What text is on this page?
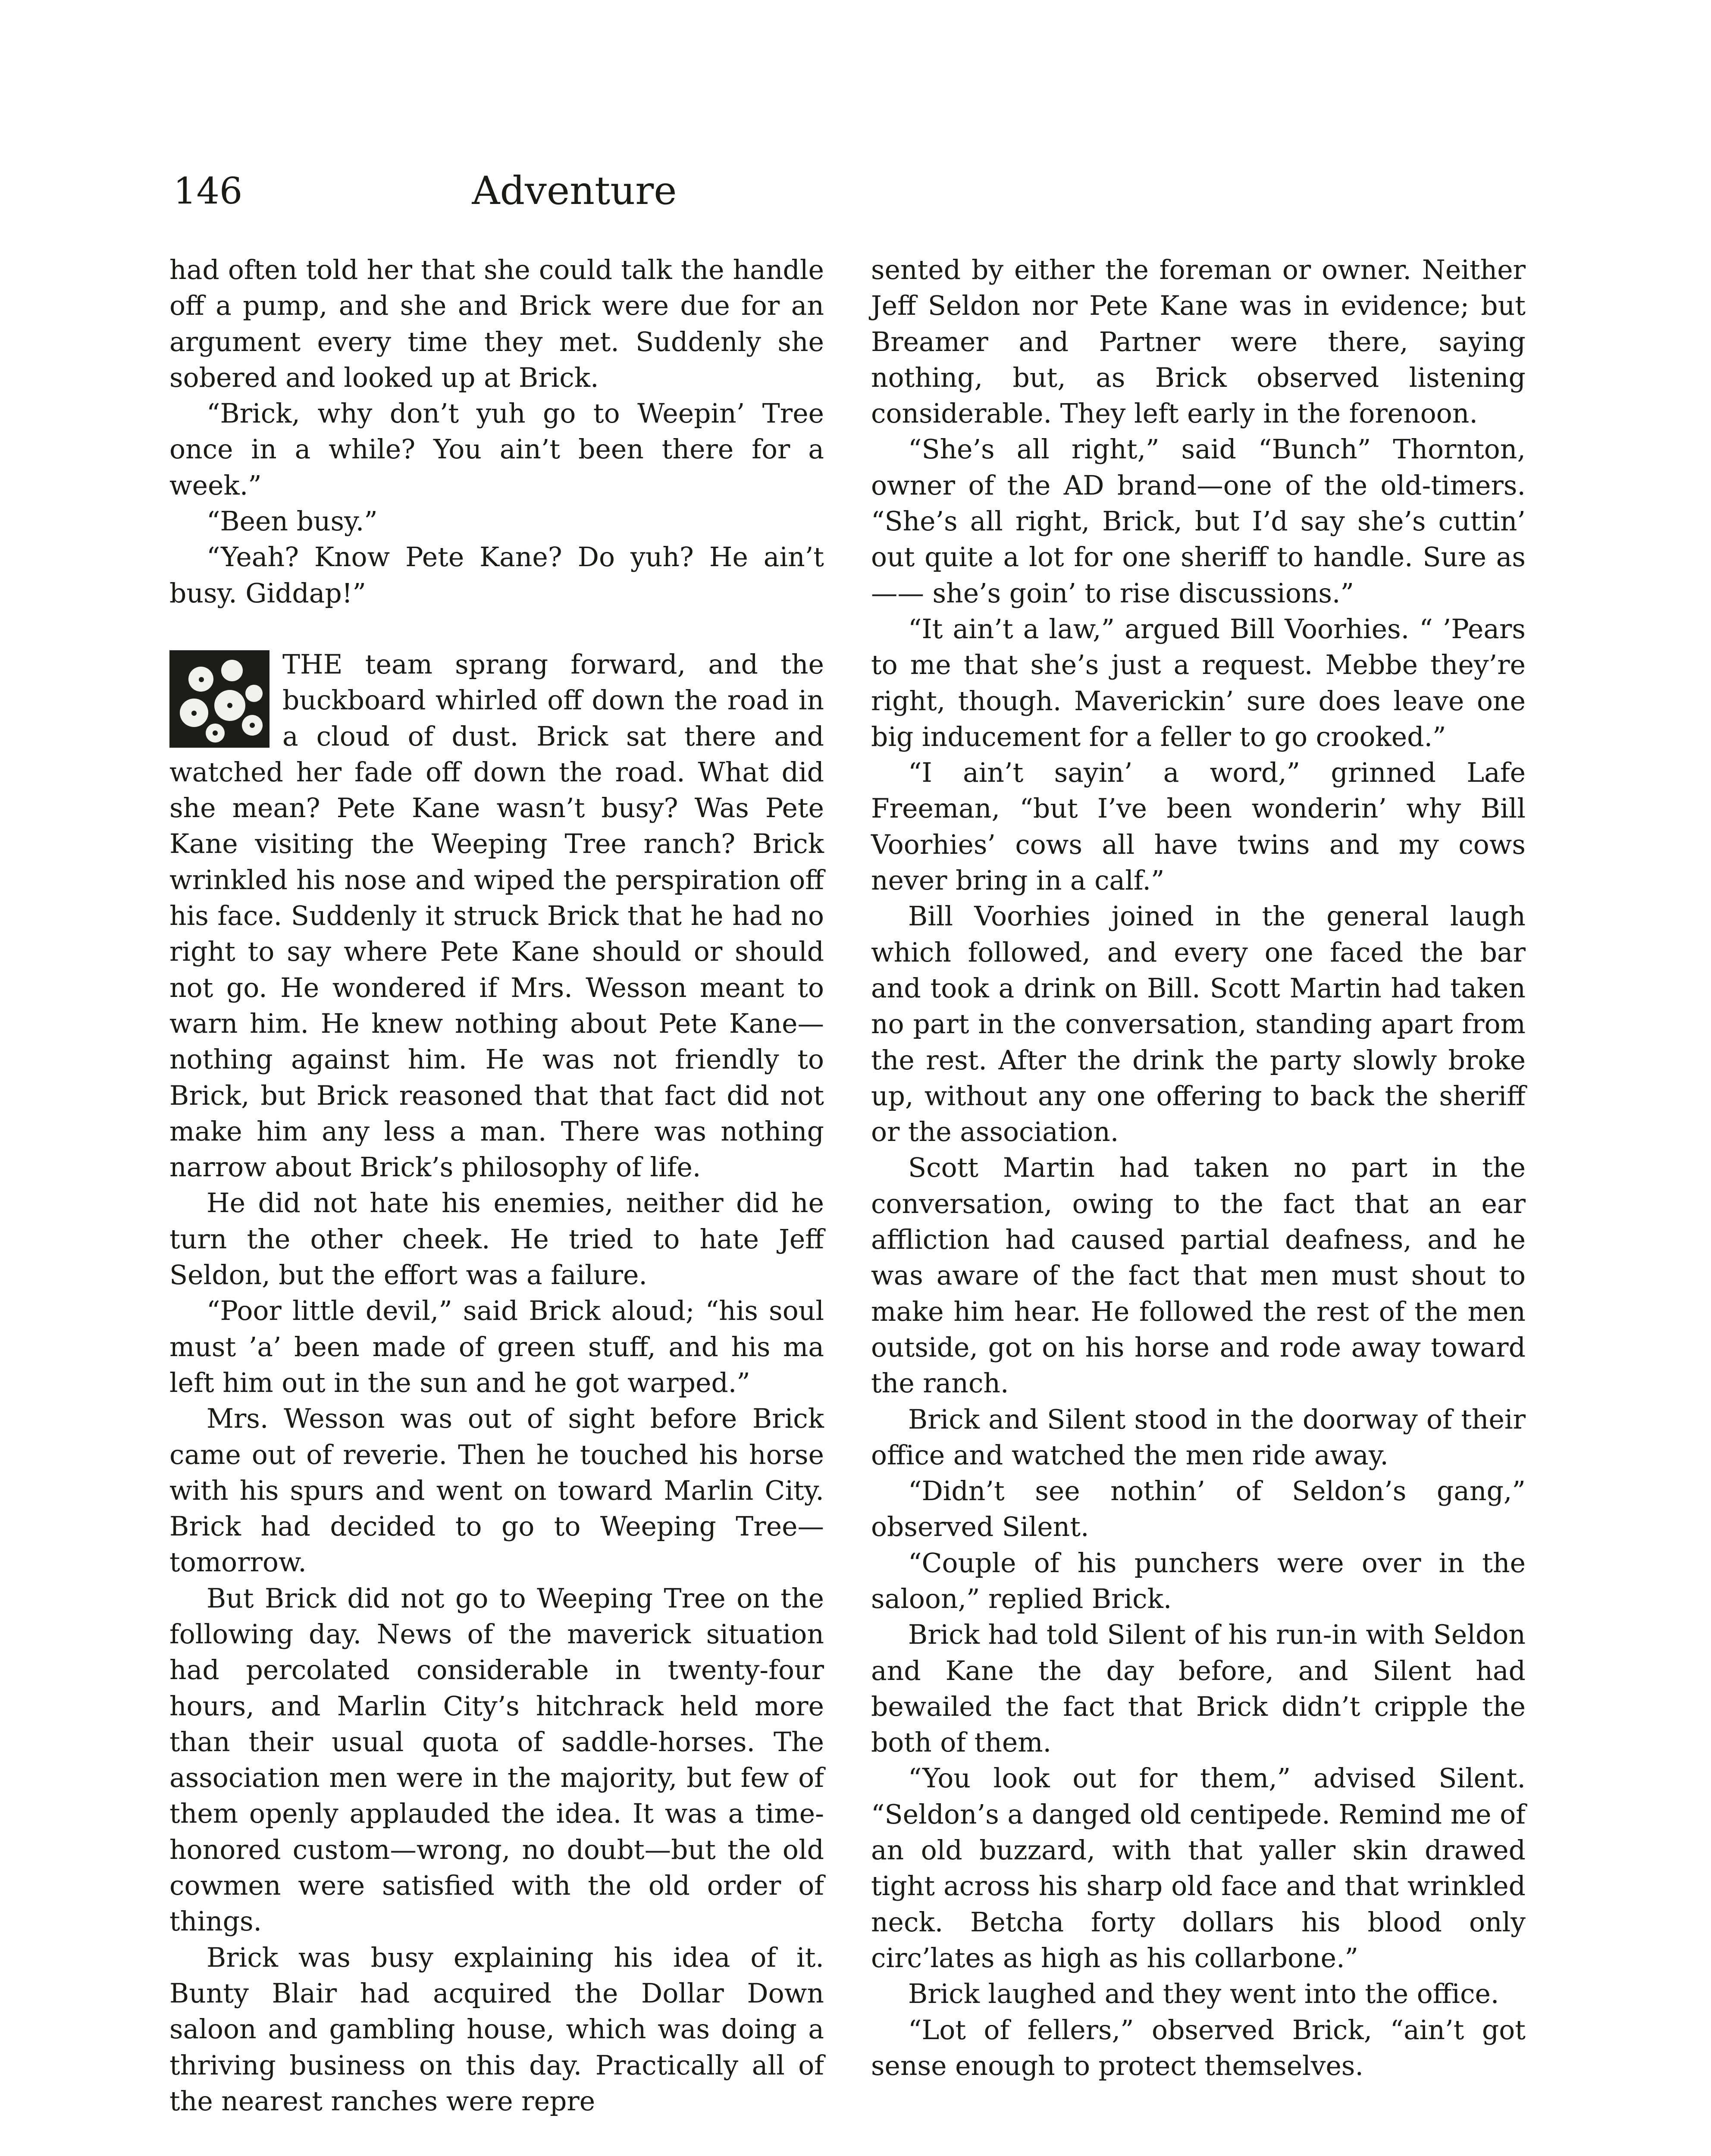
146	Adventure

had often told her that she could talk the handle off a pump, and she and Brick were due for an argument every time they met. Suddenly she sobered and looked up at Brick.

“Brick, why don’t yuh go to Weepin’ Tree once in a while? You ain’t been there for a week.”

“Been busy.”

“Yeah? Know Pete Kane? Do yuh? He ain’t busy. Giddap!”

THE team sprang forward, and the buckboard whirled off down the road in a cloud of dust. Brick sat there and watched her fade off down the road. What did she mean? Pete Kane wasn’t busy? Was Pete Kane visiting the Weeping Tree ranch? Brick wrinkled his nose and wiped the perspiration off his face. Suddenly it struck Brick that he had no right to say where Pete Kane should or should not go. He wondered if Mrs. Wesson meant to warn him. He knew nothing about Pete Kane—nothing against him. He was not friendly to Brick, but Brick reasoned that that fact did not make him any less a man. There was nothing narrow about Brick’s philosophy of life.

He did not hate his enemies, neither did he turn the other cheek. He tried to hate Jeff Seldon, but the effort was a failure.

“Poor little devil,” said Brick aloud; “his soul must ’a’ been made of green stuff, and his ma left him out in the sun and he got warped.”

Mrs. Wesson was out of sight before Brick came out of reverie. Then he touched his horse with his spurs and went on toward Marlin City. Brick had decided to go to Weeping Tree—tomorrow.

But Brick did not go to Weeping Tree on the following day. News of the maverick situation had percolated considerable in twenty-four hours, and Marlin City’s hitchrack held more than their usual quota of saddle-horses. The association men were in the majority, but few of them openly applauded the idea. It was a time-honored custom—wrong, no doubt—but the old cowmen were satisfied with the old order of things.

Brick was busy explaining his idea of it. Bunty Blair had acquired the Dollar Down saloon and gambling house, which was doing a thriving business on this day. Practically all of the nearest ranches were repre

sented by either the foreman or owner. Neither Jeff Seldon nor Pete Kane was in evidence; but Breamer and Partner were there, saying nothing, but, as Brick observed listening considerable. They left early in the forenoon.

“She’s all right,” said “Bunch” Thornton, owner of the AD brand—one of the old-timers. “She’s all right, Brick, but I’d say she’s cuttin’ out quite a lot for one sheriff to handle. Sure as —— she’s goin’ to rise discussions.”

“It ain’t a law,” argued Bill Voorhies. “ ’Pears to me that she’s just a request. Mebbe they’re right, though. Maverickin’ sure does leave one big inducement for a feller to go crooked.”

“I ain’t sayin’ a word,” grinned Lafe Freeman, “but I’ve been wonderin’ why Bill Voorhies’ cows all have twins and my cows never bring in a calf.”

Bill Voorhies joined in the general laugh which followed, and every one faced the bar and took a drink on Bill. Scott Martin had taken no part in the conversation, standing apart from the rest. After the drink the party slowly broke up, without any one offering to back the sheriff or the association.

Scott Martin had taken no part in the conversation, owing to the fact that an ear affliction had caused partial deafness, and he was aware of the fact that men must shout to make him hear. He followed the rest of the men outside, got on his horse and rode away toward the ranch.

Brick and Silent stood in the doorway of their office and watched the men ride away.

“Didn’t see nothin’ of Seldon’s gang,” observed Silent.

“Couple of his punchers were over in the saloon,” replied Brick.

Brick had told Silent of his run-in with Seldon and Kane the day before, and Silent had bewailed the fact that Brick didn’t cripple the both of them.

“You look out for them,” advised Silent. “Seldon’s a danged old centipede. Remind me of an old buzzard, with that yaller skin drawed tight across his sharp old face and that wrinkled neck. Betcha forty dollars his blood only circ’lates as high as his collarbone.”

Brick laughed and they went into the office.

“Lot of fellers,” observed Brick, “ain’t got sense enough to protect themselves.
